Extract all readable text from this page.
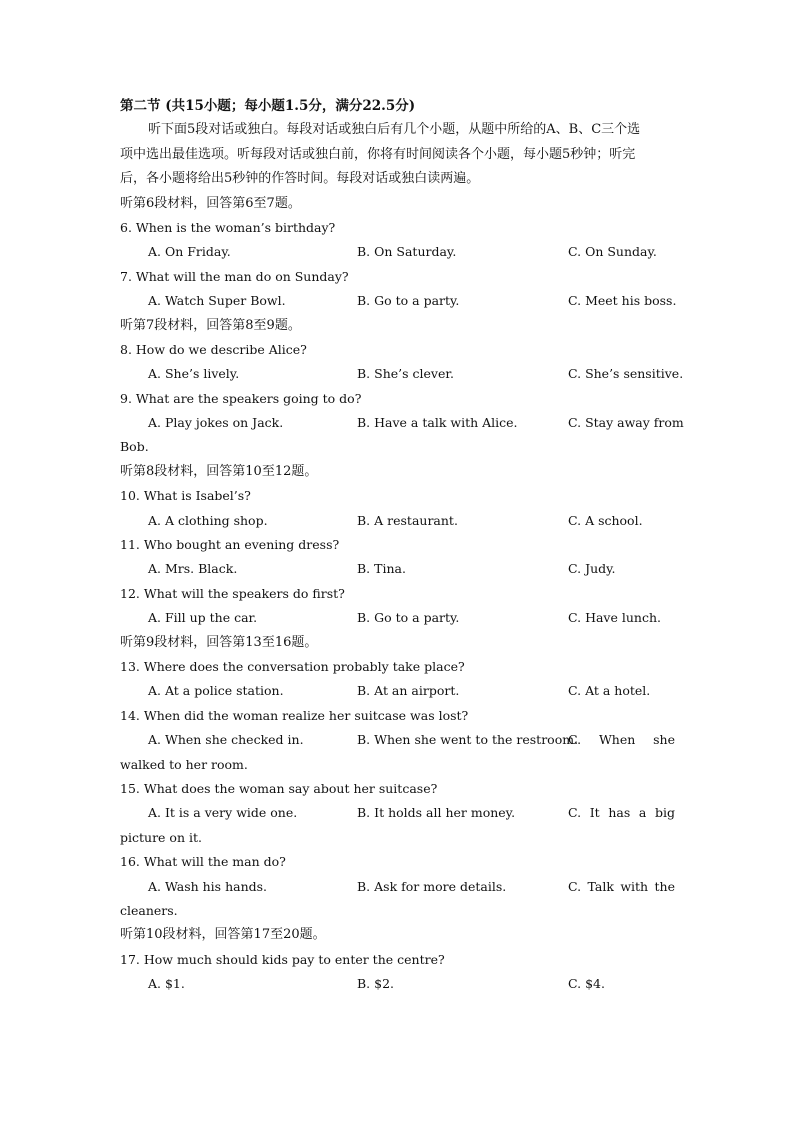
第二节 (共15小题；每小题1.5分，满分22.5分)
听下面5段对话或独白。每段对话或独白后有几个小题，从题中所给的A、B、C三个选
项中选出最佳选项。听每段对话或独白前，你将有时间阅读各个小题，每小题5秒钟；听完
后，各小题将给出5秒钟的作答时间。每段对话或独白读两遍。
听第6段材料，回答第6至7题。
6. When is the woman’s birthday?
A. On Friday.	B. On Saturday.	C. On Sunday.
7. What will the man do on Sunday?
A. Watch Super Bowl.	B. Go to a party.	C. Meet his boss.
听第7段材料，回答第8至9题。
8. How do we describe Alice?
A. She’s lively.	B. She’s clever.	C. She’s sensitive.
9. What are the speakers going to do?
A. Play jokes on Jack.	B. Have a talk with Alice.	C. Stay away from
Bob.
听第8段材料，回答第10至12题。
10. What is Isabel’s?
A. A clothing shop.	B. A restaurant.	C. A school.
11. Who bought an evening dress?
A. Mrs. Black.	B. Tina.	C. Judy.
12. What will the speakers do first?
A. Fill up the car.	B. Go to a party.	C. Have lunch.
听第9段材料，回答第13至16题。
13. Where does the conversation probably take place?
A. At a police station.	B. At an airport.	C. At a hotel.
14. When did the woman realize her suitcase was lost?
A. When she checked in.	B. When she went to the restroom.
C. When she
walked to her room.
15. What does the woman say about her suitcase?
A. It is a very wide one.	B. It holds all her money.	C. It has a big
picture on it.
16. What will the man do?
A. Wash his hands.	B. Ask for more details.	C. Talk with the
cleaners.
听第10段材料，回答第17至20题。
17. How much should kids pay to enter the centre?
A. $1.	B. $2.	C. $4.
